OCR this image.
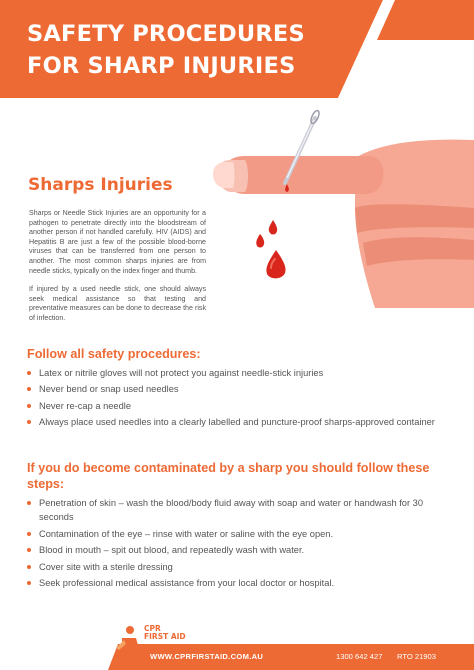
SAFETY PROCEDURES
FOR SHARP INJURIES
Sharps Injuries

Sharps or Needle Stick Injuries are an opportunity for a pathogen to penetrate directly into the bloodstream of another person if not handled carefully. HIV (AIDS) and Hepatitis B are just a few of the possible blood-borne viruses that can be transferred from one person to another. The most common sharps injuries are from needle sticks, typically on the index finger and thumb.

If injured by a used needle stick, one should always seek medical assistance so that testing and preventative measures can be done to decrease the risk of infection.

Follow all safety procedures:
Latex or nitrile gloves will not protect you against needle-stick injuries
Never bend or snap used needles
Never re-cap a needle
Always place used needles into a clearly labelled and puncture-proof sharps-approved container
If you do become contaminated by a sharp you should follow these steps:
Penetration of skin – wash the blood/body fluid away with soap and water or handwash for 30 seconds
Contamination of the eye – rinse with water or saline with the eye open.
Blood in mouth – spit out blood, and repeatedly wash with water.
Cover site with a sterile dressing
Seek professional medical assistance from your local doctor or hospital.
WWW.CPRFIRSTAID.COM.AU	1300 642 427 RTO 21903
CPR
FIRST AID
